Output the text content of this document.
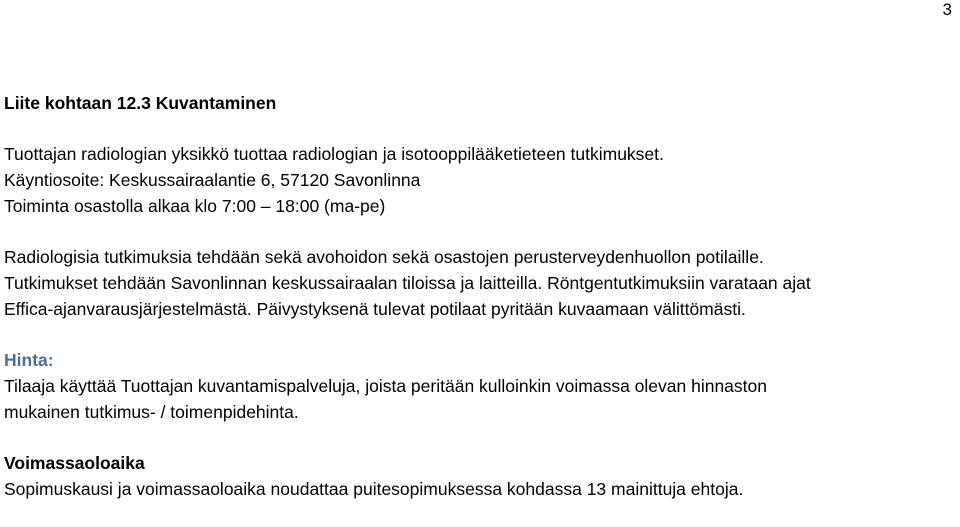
3
Liite kohtaan 12.3 Kuvantaminen
Tuottajan radiologian yksikkö tuottaa radiologian ja isotooppilääketieteen tutkimukset.
Käyntiosoite: Keskussairaalantie 6, 57120 Savonlinna
Toiminta osastolla alkaa klo 7:00 – 18:00 (ma-pe)
Radiologisia tutkimuksia tehdään sekä avohoidon sekä osastojen perusterveydenhuollon potilaille.
Tutkimukset tehdään Savonlinnan keskussairaalan tiloissa ja laitteilla. Röntgentutkimuksiin varataan ajat
Effica-ajanvarausjärjestelmästä. Päivystyksenä tulevat potilaat pyritään kuvaamaan välittömästi.
Hinta:
Tilaaja käyttää Tuottajan kuvantamispalveluja, joista peritään kulloinkin voimassa olevan hinnaston
mukainen tutkimus- / toimenpidehinta.
Voimassaoloaika
Sopimuskausi ja voimassaoloaika noudattaa puitesopimuksessa kohdassa 13 mainittuja ehtoja.
